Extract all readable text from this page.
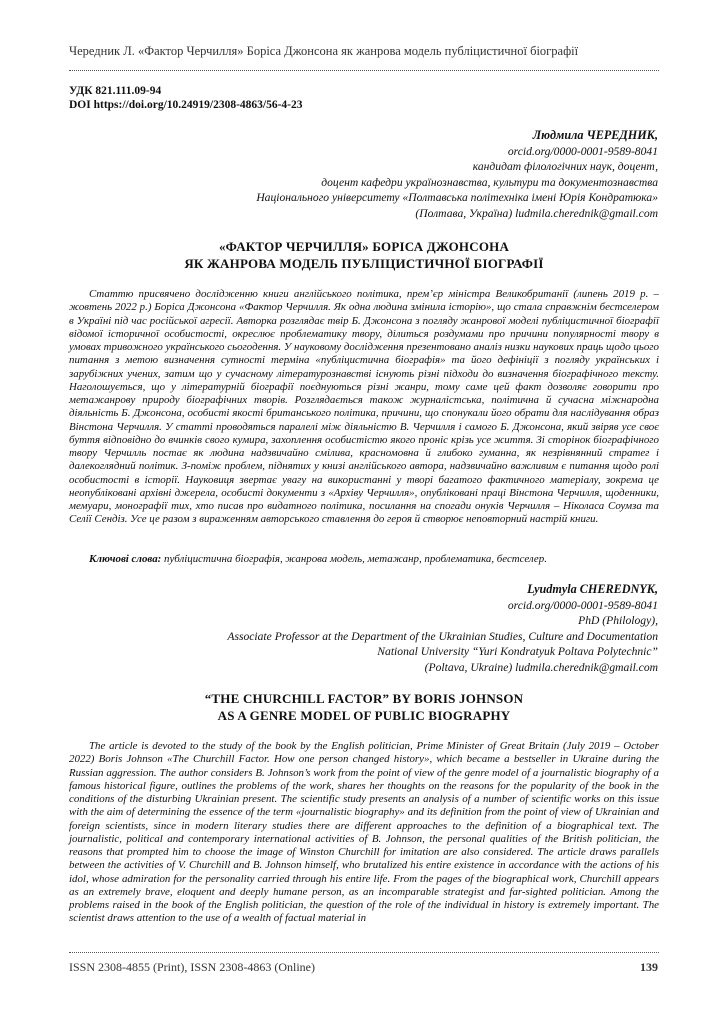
Чередник Л. «Фактор Черчилля» Боріса Джонсона як жанрова модель публіцистичної біографії
УДК 821.111.09-94
DOI https://doi.org/10.24919/2308-4863/56-4-23
Людмила ЧЕРЕДНИК,
orcid.org/0000-0001-9589-8041
кандидат філологічних наук, доцент,
доцент кафедри українознавства, культури та документознавства
Національного університету «Полтавська політехніка імені Юрія Кондратюка»
(Полтава, Україна) ludmila.cherednik@gmail.com
«ФАКТОР ЧЕРЧИЛЛЯ» БОРІСА ДЖОНСОНА
ЯК ЖАНРОВА МОДЕЛЬ ПУБЛІЦИСТИЧНОЇ БІОГРАФІЇ
Статтю присвячено дослідженню книги англійського політика, прем’єр міністра Великобританії (липень 2019 р. – жовтень 2022 р.) Боріса Джонсона «Фактор Черчилля. Як одна людина змінила історію», що стала справжнім бестселером в Україні під час російської агресії. Авторка розглядає твір Б. Джонсона з погляду жанрової моделі публіцистичної біографії відомої історичної особистості, окреслює проблематику твору, ділиться роздумами про причини популярності твору в умовах тривожного українського сьогодення. У науковому дослідження презентовано аналіз низки наукових праць щодо цього питання з метою визначення сутності терміна «публіцистична біографія» та його дефініції з погляду українських і зарубіжних учених, затим що у сучасному літературознавстві існують різні підходи до визначення біографічного тексту. Наголошується, що у літературній біографії поєднуються різні жанри, тому саме цей факт дозволяє говорити про метажанрову природу біографічних творів. Розглядається також журналістська, політична й сучасна міжнародна діяльність Б. Джонсона, особисті якості британського політика, причини, що спонукали його обрати для наслідування образ Вінстона Черчилля. У статті проводяться паралелі між діяльністю В. Черчилля і самого Б. Джонсона, який звіряв усе своє буття відповідно до вчинків свого кумира, захоплення особистістю якого проніс крізь усе життя. Зі сторінок біографічного твору Черчилль постає як людина надзвичайно смілива, красномовна й глибоко гуманна, як незрівнянний стратег і далекоглядний політик. З-поміж проблем, піднятих у книзі англійського автора, надзвичайно важливим є питання щодо ролі особистості в історії. Науковиця звертає увагу на використанні у творі багатого фактичного матеріалу, зокрема це неопубліковані архівні джерела, особисті документи з «Архіву Черчилля», опубліковані праці Вінстона Черчилля, щоденники, мемуари, монографії тих, хто писав про видатного політика, посилання на спогади онуків Черчилля – Ніколаса Соумза та Селії Сендіз. Усе це разом з вираженням авторського ставлення до героя й створює неповторний настрій книги.
Ключові слова: публіцистична біографія, жанрова модель, метажанр, проблематика, бестселер.
Lyudmyla CHEREDNYK,
orcid.org/0000-0001-9589-8041
PhD (Philology),
Associate Professor at the Department of the Ukrainian Studies, Culture and Documentation
National University “Yuri Kondratyuk Poltava Polytechnic”
(Poltava, Ukraine) ludmila.cherednik@gmail.com
“THE CHURCHILL FACTOR” BY BORIS JOHNSON
AS A GENRE MODEL OF PUBLIC BIOGRAPHY
The article is devoted to the study of the book by the English politician, Prime Minister of Great Britain (July 2019 – October 2022) Boris Johnson «The Churchill Factor. How one person changed history», which became a bestseller in Ukraine during the Russian aggression. The author considers B. Johnson’s work from the point of view of the genre model of a journalistic biography of a famous historical figure, outlines the problems of the work, shares her thoughts on the reasons for the popularity of the book in the conditions of the disturbing Ukrainian present. The scientific study presents an analysis of a number of scientific works on this issue with the aim of determining the essence of the term «journalistic biography» and its definition from the point of view of Ukrainian and foreign scientists, since in modern literary studies there are different approaches to the definition of a biographical text. The journalistic, political and contemporary international activities of B. Johnson, the personal qualities of the British politician, the reasons that prompted him to choose the image of Winston Churchill for imitation are also considered. The article draws parallels between the activities of V. Churchill and B. Johnson himself, who brutalized his entire existence in accordance with the actions of his idol, whose admiration for the personality carried through his entire life. From the pages of the biographical work, Churchill appears as an extremely brave, eloquent and deeply humane person, as an incomparable strategist and far-sighted politician. Among the problems raised in the book of the English politician, the question of the role of the individual in history is extremely important. The scientist draws attention to the use of a wealth of factual material in
ISSN 2308-4855 (Print), ISSN 2308-4863 (Online)	139
